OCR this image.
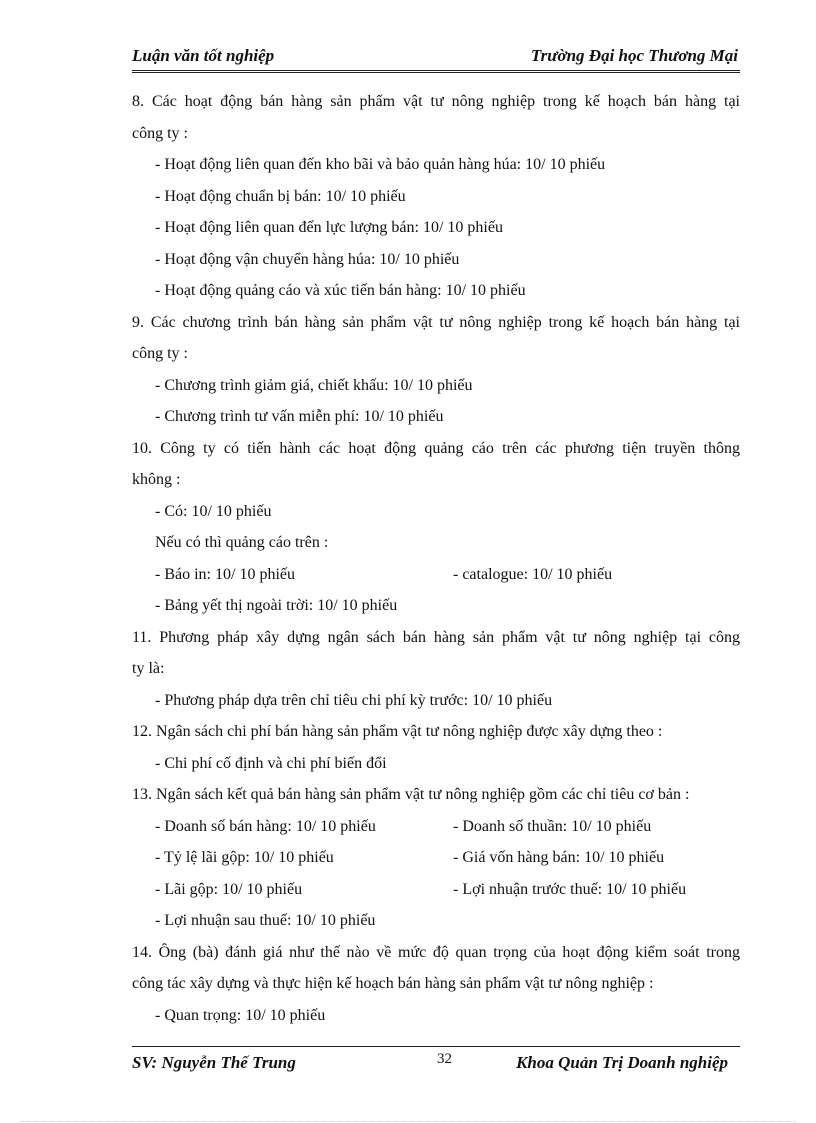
Luận văn tốt nghiệp	Trường Đại học Thương Mại
8. Các hoạt động bán hàng sản phẩm vật tư nông nghiệp trong kế hoạch bán hàng tại
công ty :
- Hoạt động liên quan đến kho bãi và bảo quản hàng húa: 10/ 10 phiếu
- Hoạt động chuẩn bị bán: 10/ 10 phiếu
- Hoạt động liên quan đến lực lượng bán: 10/ 10 phiếu
- Hoạt động vận chuyển hàng húa: 10/ 10 phiếu
- Hoạt động quảng cáo và xúc tiến bán hàng: 10/ 10 phiếu
9. Các chương trình bán hàng sản phẩm vật tư nông nghiệp trong kế hoạch bán hàng tại
công ty :
- Chương trình giảm giá, chiết khấu: 10/ 10 phiếu
- Chương trình tư vấn miễn phí: 10/ 10 phiếu
10. Công ty có tiến hành các hoạt động quảng cáo trên các phương tiện truyền thông
không :
- Có: 10/ 10 phiếu
Nếu có thì quảng cáo trên :
- Báo in: 10/ 10 phiếu	- catalogue: 10/ 10 phiếu
- Bảng yết thị ngoài trời: 10/ 10 phiếu
11. Phương pháp xây dựng ngân sách bán hàng sản phẩm vật tư nông nghiệp tại công
ty là:
- Phương pháp dựa trên chỉ tiêu chi phí kỳ trước: 10/ 10 phiếu
12. Ngân sách chi phí bán hàng sản phẩm vật tư nông nghiệp được xây dựng theo :
- Chi phí cố định và chi phí biến đổi
13. Ngân sách kết quả bán hàng sản phẩm vật tư nông nghiệp gồm các chỉ tiêu cơ bản :
- Doanh số bán hàng: 10/ 10 phiếu	- Doanh số thuần: 10/ 10 phiếu
- Tỷ lệ lãi gộp: 10/ 10 phiếu	- Giá vốn hàng bán: 10/ 10 phiếu
- Lãi gộp: 10/ 10 phiếu	- Lợi nhuận trước thuế: 10/ 10 phiếu
- Lợi nhuận sau thuế: 10/ 10 phiếu
14. Ông (bà) đánh giá như thế nào về mức độ quan trọng của hoạt động kiểm soát trong
công tác xây dựng và thực hiện kế hoạch bán hàng sản phẩm vật tư nông nghiệp :
- Quan trọng: 10/ 10 phiếu
SV: Nguyễn Thế Trung	32	Khoa Quản Trị Doanh nghiệp
